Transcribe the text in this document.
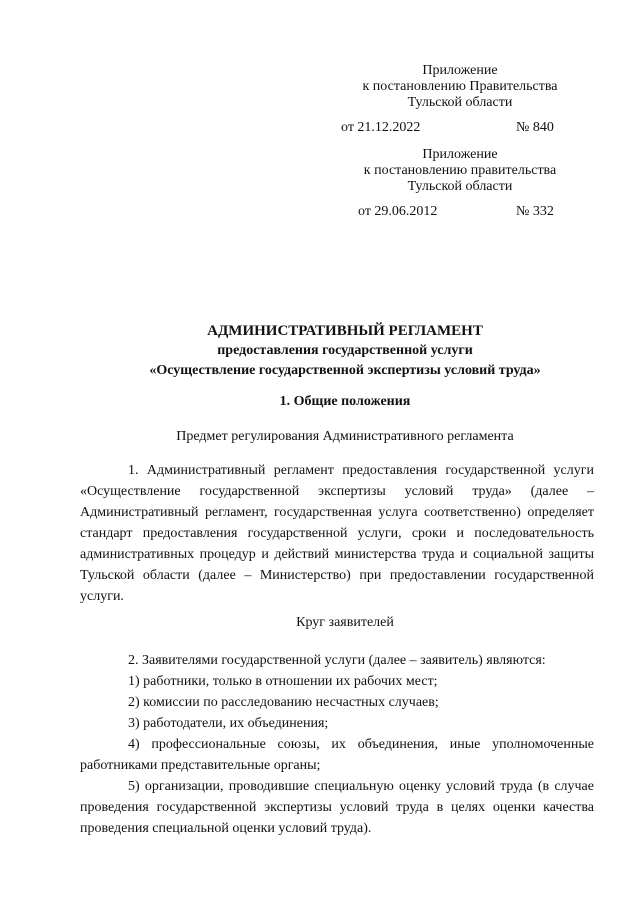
Приложение
к постановлению Правительства
Тульской области
от 21.12.2022	№ 840
Приложение
к постановлению правительства
Тульской области
от 29.06.2012	№ 332
АДМИНИСТРАТИВНЫЙ РЕГЛАМЕНТ
предоставления государственной услуги
«Осуществление государственной экспертизы условий труда»
1. Общие положения
Предмет регулирования Административного регламента
1. Административный регламент предоставления государственной услуги «Осуществление государственной экспертизы условий труда» (далее – Административный регламент, государственная услуга соответственно) определяет стандарт предоставления государственной услуги, сроки и последовательность административных процедур и действий министерства труда и социальной защиты Тульской области (далее – Министерство) при предоставлении государственной услуги.
Круг заявителей
2. Заявителями государственной услуги (далее – заявитель) являются:
1) работники, только в отношении их рабочих мест;
2) комиссии по расследованию несчастных случаев;
3) работодатели, их объединения;
4) профессиональные союзы, их объединения, иные уполномоченные работниками представительные органы;
5) организации, проводившие специальную оценку условий труда (в случае проведения государственной экспертизы условий труда в целях оценки качества проведения специальной оценки условий труда).
